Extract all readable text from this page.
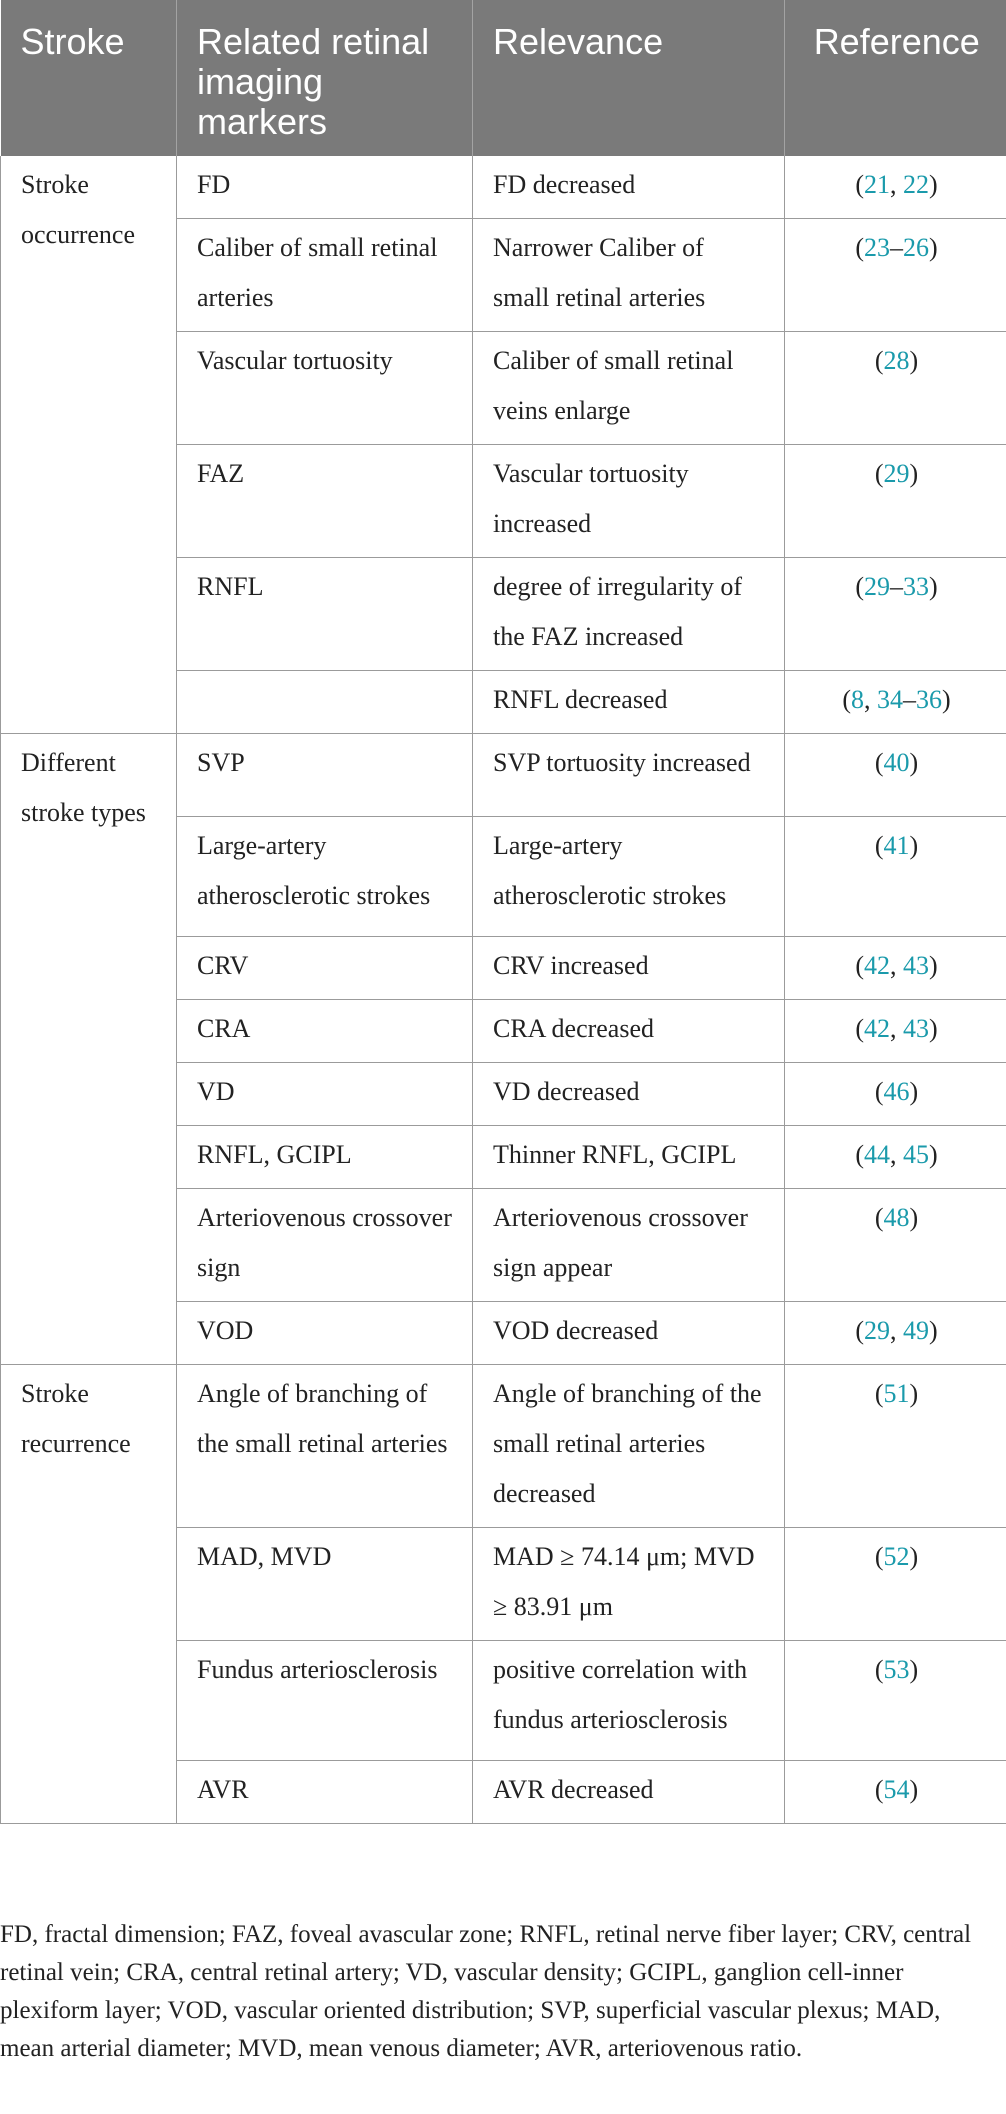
Stroke	Related retinal imaging markers	Relevance	Reference
Stroke occurrence	FD	FD decreased	(21, 22)
	Caliber of small retinal arteries	Narrower Caliber of small retinal arteries	(23–26)
	Vascular tortuosity	Caliber of small retinal veins enlarge	(28)
	FAZ	Vascular tortuosity increased	(29)
	RNFL	degree of irregularity of the FAZ increased	(29–33)
		RNFL decreased	(8, 34–36)
Different stroke types	SVP	SVP tortuosity increased	(40)
	Large-artery atherosclerotic strokes	Large-artery atherosclerotic strokes	(41)
	CRV	CRV increased	(42, 43)
	CRA	CRA decreased	(42, 43)
	VD	VD decreased	(46)
	RNFL, GCIPL	Thinner RNFL, GCIPL	(44, 45)
	Arteriovenous crossover sign	Arteriovenous crossover sign appear	(48)
	VOD	VOD decreased	(29, 49)
Stroke recurrence	Angle of branching of the small retinal arteries	Angle of branching of the small retinal arteries decreased	(51)
	MAD, MVD	MAD ≥ 74.14 μm; MVD ≥ 83.91 μm	(52)
	Fundus arteriosclerosis	positive correlation with fundus arteriosclerosis	(53)
	AVR	AVR decreased	(54)
FD, fractal dimension; FAZ, foveal avascular zone; RNFL, retinal nerve fiber layer; CRV, central retinal vein; CRA, central retinal artery; VD, vascular density; GCIPL, ganglion cell-inner plexiform layer; VOD, vascular oriented distribution; SVP, superficial vascular plexus; MAD, mean arterial diameter; MVD, mean venous diameter; AVR, arteriovenous ratio.
